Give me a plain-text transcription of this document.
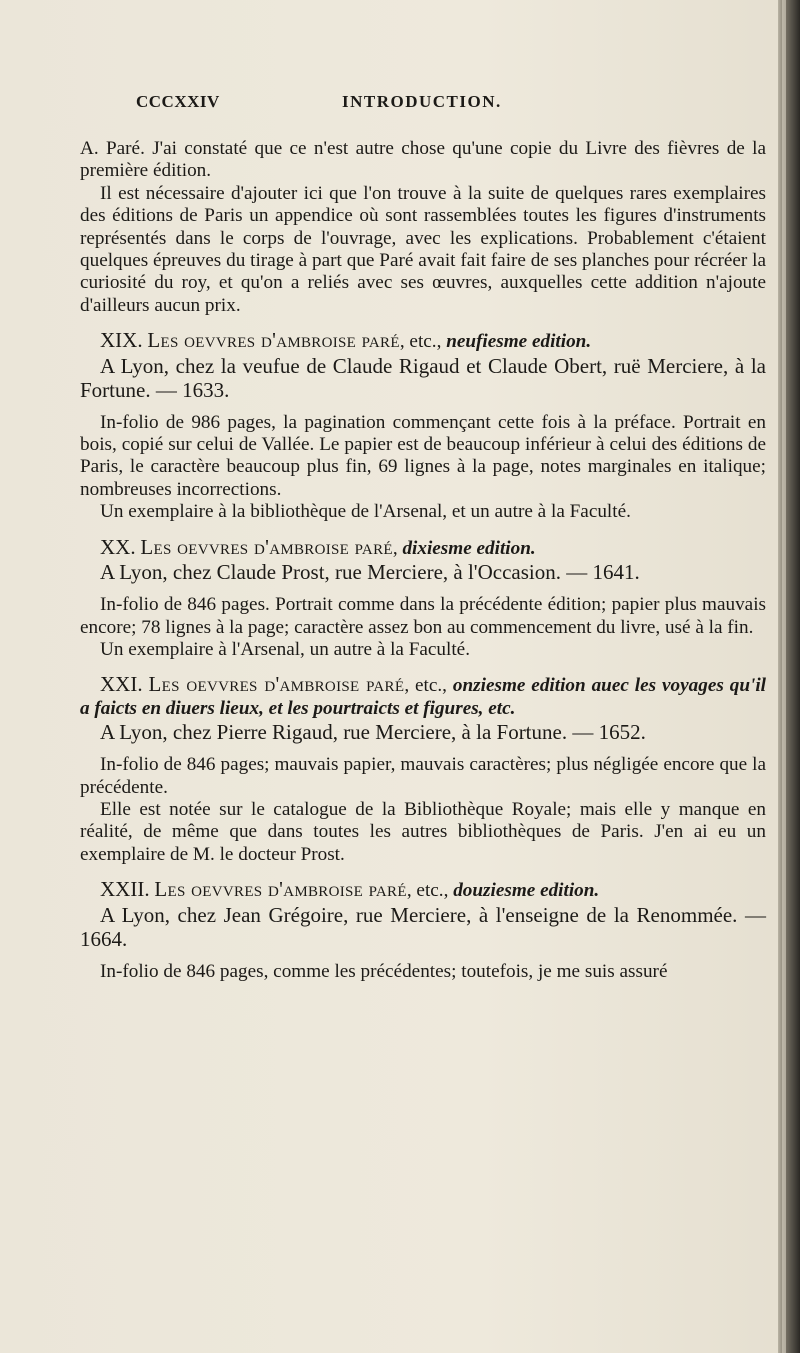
CCCXXIV	INTRODUCTION.

A. Paré. J'ai constaté que ce n'est autre chose qu'une copie du Livre des fièvres de la première édition.

Il est nécessaire d'ajouter ici que l'on trouve à la suite de quelques rares exemplaires des éditions de Paris un appendice où sont rassemblées toutes les figures d'instruments représentés dans le corps de l'ouvrage, avec les explications. Probablement c'étaient quelques épreuves du tirage à part que Paré avait fait faire de ses planches pour récréer la curiosité du roy, et qu'on a reliés avec ses œuvres, auxquelles cette addition n'ajoute d'ailleurs aucun prix.

XIX. Les oevvres d'ambroise paré, etc., neufiesme edition.

A Lyon, chez la veufue de Claude Rigaud et Claude Obert, ruë Merciere, à la Fortune. — 1633.

In-folio de 986 pages, la pagination commençant cette fois à la préface. Portrait en bois, copié sur celui de Vallée. Le papier est de beaucoup inférieur à celui des éditions de Paris, le caractère beaucoup plus fin, 69 lignes à la page, notes marginales en italique; nombreuses incorrections.

Un exemplaire à la bibliothèque de l'Arsenal, et un autre à la Faculté.

XX. Les oevvres d'ambroise paré, dixiesme edition.

A Lyon, chez Claude Prost, rue Merciere, à l'Occasion. — 1641.

In-folio de 846 pages. Portrait comme dans la précédente édition; papier plus mauvais encore; 78 lignes à la page; caractère assez bon au commencement du livre, usé à la fin.

Un exemplaire à l'Arsenal, un autre à la Faculté.

XXI. Les oevvres d'ambroise paré, etc., onziesme edition auec les voyages qu'il a faicts en diuers lieux, et les pourtraicts et figures, etc.

A Lyon, chez Pierre Rigaud, rue Merciere, à la Fortune. — 1652.

In-folio de 846 pages; mauvais papier, mauvais caractères; plus négligée encore que la précédente.

Elle est notée sur le catalogue de la Bibliothèque Royale; mais elle y manque en réalité, de même que dans toutes les autres bibliothèques de Paris. J'en ai eu un exemplaire de M. le docteur Prost.

XXII. Les oevvres d'ambroise paré, etc., douziesme edition.

A Lyon, chez Jean Grégoire, rue Merciere, à l'enseigne de la Renommée. — 1664.

In-folio de 846 pages, comme les précédentes; toutefois, je me suis assuré
